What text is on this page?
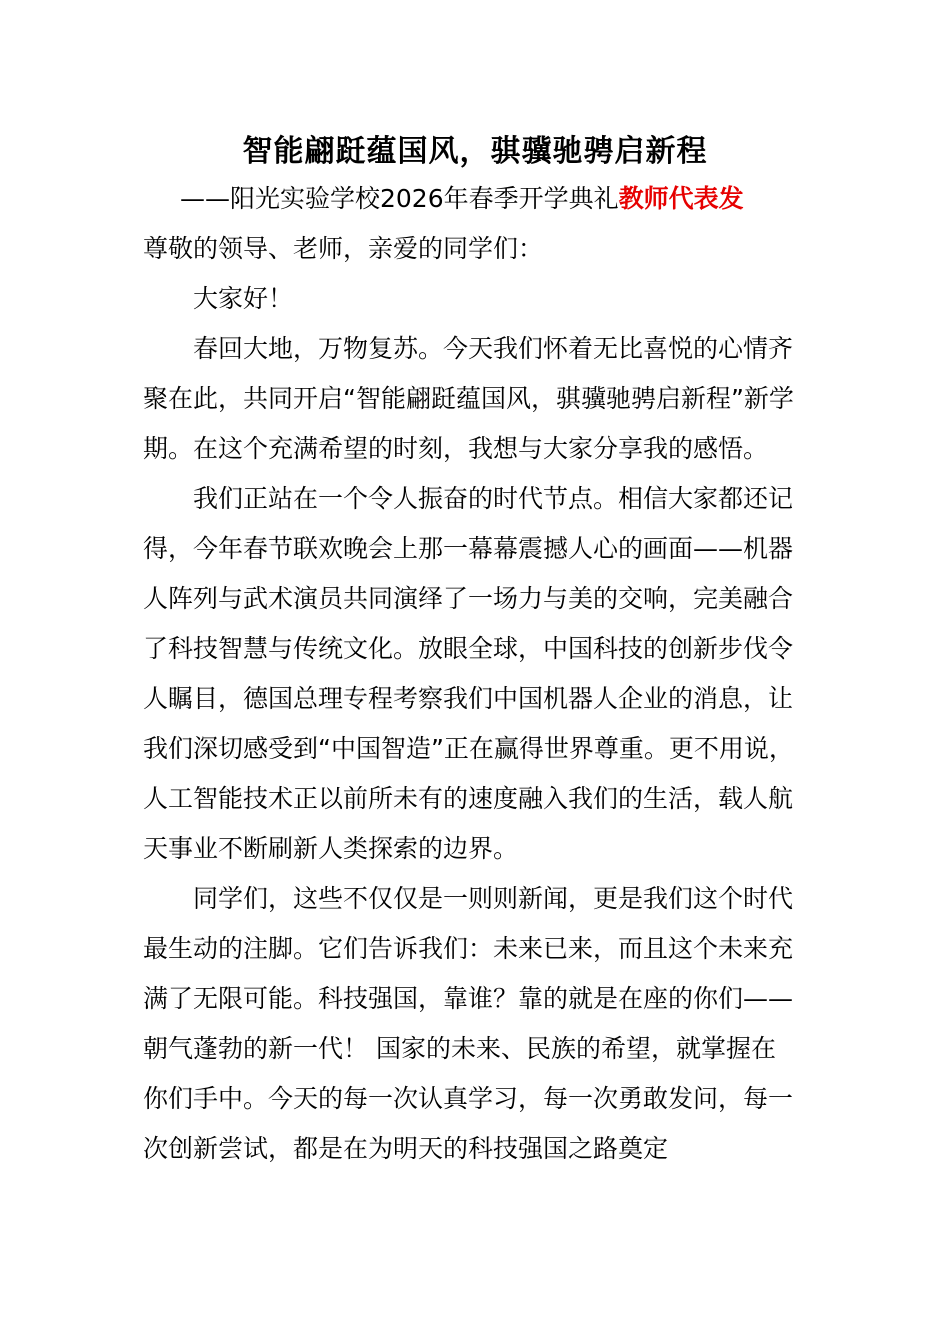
智能翩跹蕴国风，骐骥驰骋启新程
——阳光实验学校2026年春季开学典礼教师代表发

尊敬的领导、老师，亲爱的同学们：

大家好！

春回大地，万物复苏。今天我们怀着无比喜悦的心情齐聚在此，共同开启“智能翩跹蕴国风，骐骥驰骋启新程”新学期。在这个充满希望的时刻，我想与大家分享我的感悟。

我们正站在一个令人振奋的时代节点。相信大家都还记得，今年春节联欢晚会上那一幕幕震撼人心的画面——机器人阵列与武术演员共同演绎了一场力与美的交响，完美融合了科技智慧与传统文化。放眼全球，中国科技的创新步伐令人瞩目，德国总理专程考察我们中国机器人企业的消息，让我们深切感受到“中国智造”正在赢得世界尊重。更不用说，人工智能技术正以前所未有的速度融入我们的生活，载人航天事业不断刷新人类探索的边界。

同学们，这些不仅仅是一则则新闻，更是我们这个时代最生动的注脚。它们告诉我们：未来已来，而且这个未来充满了无限可能。科技强国，靠谁？靠的就是在座的你们——朝气蓬勃的新一代！ 国家的未来、民族的希望，就掌握在你们手中。今天的每一次认真学习，每一次勇敢发问，每一次创新尝试，都是在为明天的科技强国之路奠定
